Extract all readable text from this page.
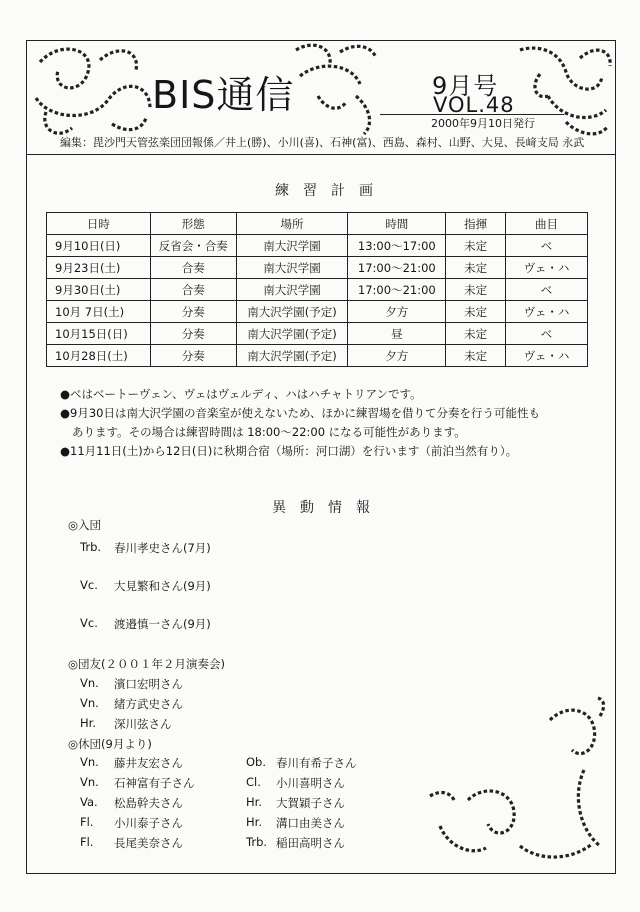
BIS通信	9月号
VOL.48
2000年9月10日発行
編集：毘沙門天管弦楽団団報係／井上(勝)、小川(喜)、石神(富)、西島、森村、山野、大見、長﨑支局 永武
練習計画
日時	形態	場所	時間	指揮	曲目
9月10日(日)	反省会・合奏	南大沢学園	13:00～17:00	未定	ベ
9月23日(土)	合奏	南大沢学園	17:00～21:00	未定	ヴェ・ハ
9月30日(土)	合奏	南大沢学園	17:00～21:00	未定	ベ
10月 7日(土)	分奏	南大沢学園(予定)	夕方	未定	ヴェ・ハ
10月15日(日)	分奏	南大沢学園(予定)	昼	未定	ベ
10月28日(土)	分奏	南大沢学園(予定)	夕方	未定	ヴェ・ハ

●ベはベートーヴェン、ヴェはヴェルディ、ハはハチャトリアンです。

●9月30日は南大沢学園の音楽室が使えないため、ほかに練習場を借りて分奏を行う可能性も

あります。その場合は練習時間は 18:00～22:00 になる可能性があります。

●11月11日(土)から12日(日)に秋期合宿（場所：河口湖）を行います（前泊当然有り）。

異動情報
◎入団
Trb. 春川孝史さん(7月)
Vc. 大見繁和さん(9月)
Vc. 渡邉慎一さん(9月)
◎団友(２００１年２月演奏会)
Vn. 濱口宏明さん
Vn. 緒方武史さん
Hr. 深川弦さん
◎休団(9月より)
Vn. 藤井友宏さん
Vn. 石神富有子さん
Va. 松島幹夫さん
Fl. 小川泰子さん
Fl. 長尾美奈さん
Ob. 春川有希子さん
Cl. 小川喜明さん
Hr. 大賀穎子さん
Hr. 溝口由美さん
Trb. 稲田高明さん
